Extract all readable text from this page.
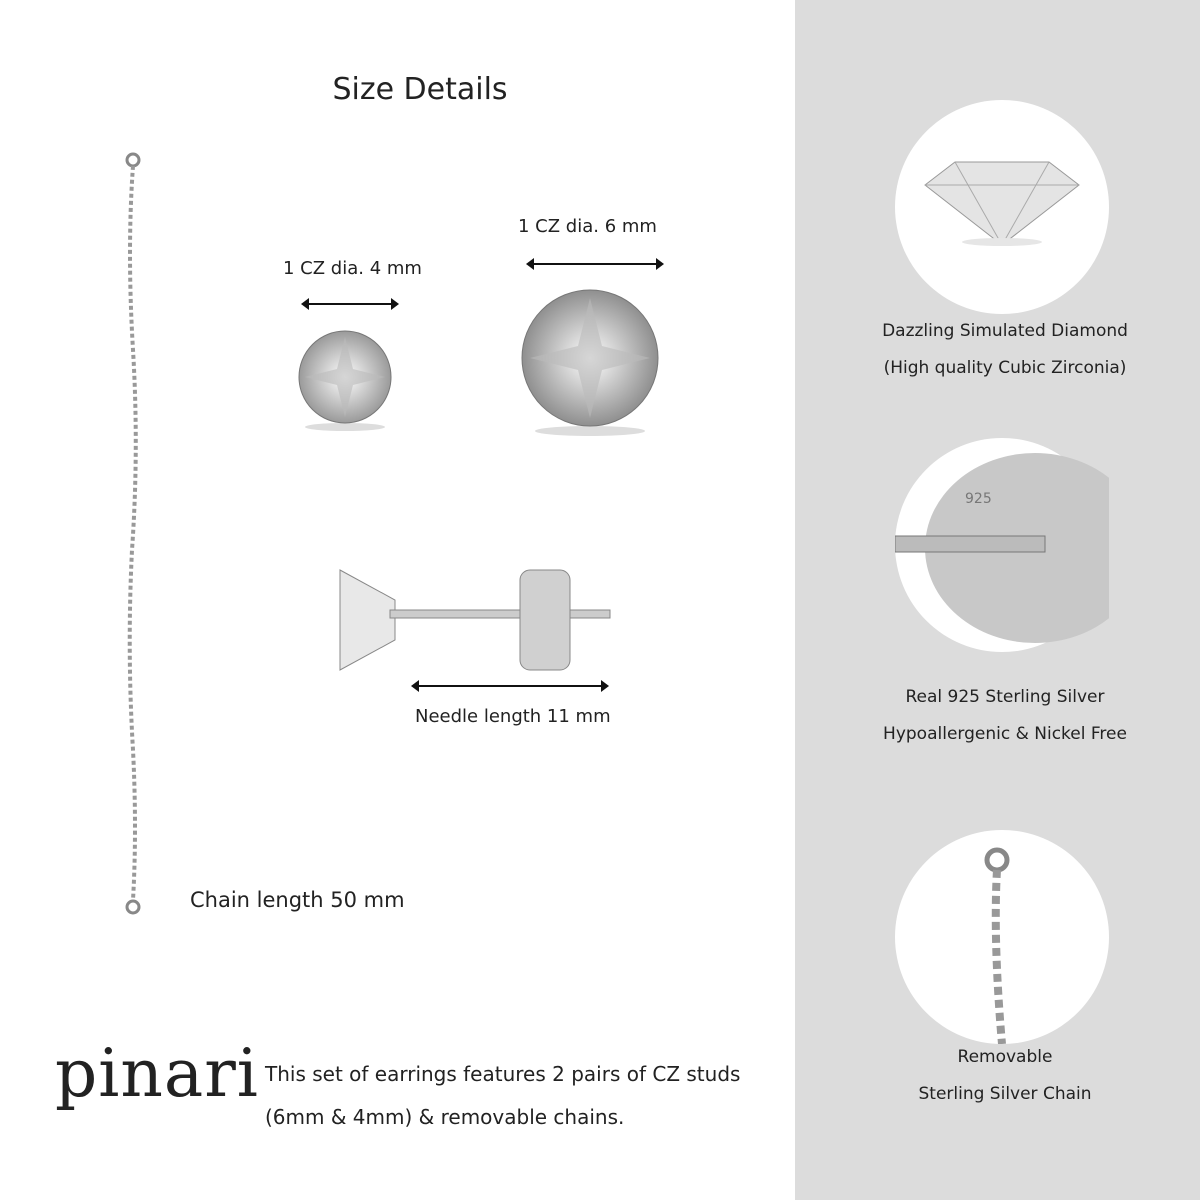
Size Details
Chain length 50 mm
1 CZ dia. 4 mm
1 CZ dia. 6 mm
Needle length 11 mm
pinari This set of earrings features 2 pairs of CZ studs
(6mm & 4mm) & removable chains.
Dazzling Simulated Diamond
(High quality Cubic Zirconia)
925
Real 925 Sterling Silver
Hypoallergenic & Nickel Free
Removable
Sterling Silver Chain
